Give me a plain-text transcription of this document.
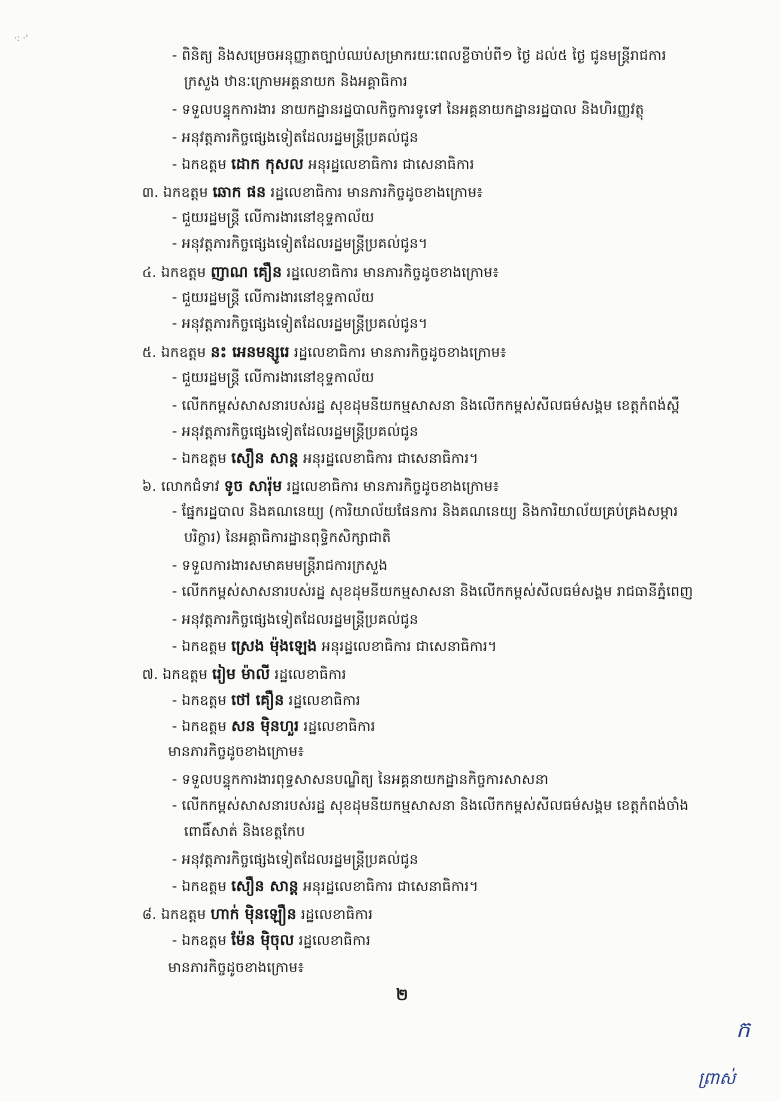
·: ·'
- ពិនិត្យ និងសម្រេចអនុញ្ញាតច្បាប់ឈប់សម្រាករយៈពេលខ្លីចាប់ពី១ ថ្ងៃ ដល់៥ ថ្ងៃ ជូនមន្ត្រីរាជការ
ក្រសួង ឋានៈក្រោមអគ្គនាយក និងអគ្គាធិការ
- ទទួលបន្ទុកការងារ នាយកដ្ឋានរដ្ឋបាលកិច្ចការទូទៅ នៃអគ្គនាយកដ្ឋានរដ្ឋបាល និងហិរញ្ញវត្ថុ
- អនុវត្តភារកិច្ចផ្សេងទៀតដែលរដ្ឋមន្ត្រីប្រគល់ជូន
- ឯកឧត្តម ដោក កុសល អនុរដ្ឋលេខាធិការ ជាសេនាធិការ
៣. ឯកឧត្តម ឆោក ផន រដ្ឋលេខាធិការ មានភារកិច្ចដូចខាងក្រោម៖
- ជួយរដ្ឋមន្ត្រី លើការងារនៅខុទ្ទកាល័យ
- អនុវត្តភារកិច្ចផ្សេងទៀតដែលរដ្ឋមន្ត្រីប្រគល់ជូន។
៤. ឯកឧត្តម ញាណ គឿន រដ្ឋលេខាធិការ មានភារកិច្ចដូចខាងក្រោម៖
- ជួយរដ្ឋមន្ត្រី លើការងារនៅខុទ្ទកាល័យ
- អនុវត្តភារកិច្ចផ្សេងទៀតដែលរដ្ឋមន្ត្រីប្រគល់ជូន។
៥. ឯកឧត្តម នះ អេនមន្សូរេ រដ្ឋលេខាធិការ មានភារកិច្ចដូចខាងក្រោម៖
- ជួយរដ្ឋមន្ត្រី លើការងារនៅខុទ្ទកាល័យ
- លើកកម្ពស់សាសនារបស់រដ្ឋ សុខដុមនីយកម្មសាសនា និងលើកកម្ពស់សីលធម៌សង្គម ខេត្តកំពង់ស្ពឺ
- អនុវត្តភារកិច្ចផ្សេងទៀតដែលរដ្ឋមន្ត្រីប្រគល់ជូន
- ឯកឧត្តម សឿន សាន្ត អនុរដ្ឋលេខាធិការ ជាសេនាធិការ។
៦. លោកជំទាវ ទូច សារ៉ុម រដ្ឋលេខាធិការ មានភារកិច្ចដូចខាងក្រោម៖
- ផ្នែករដ្ឋបាល និងគណនេយ្យ (ការិយាល័យផែនការ និងគណនេយ្យ និងការិយាល័យគ្រប់គ្រងសម្ភារ
បរិក្ខារ) នៃអគ្គាធិការដ្ឋានពុទ្ធិកសិក្សាជាតិ
- ទទួលការងារសមាគមមន្ត្រីរាជការក្រសួង
- លើកកម្ពស់សាសនារបស់រដ្ឋ សុខដុមនីយកម្មសាសនា និងលើកកម្ពស់សីលធម៌សង្គម រាជធានីភ្នំពេញ
- អនុវត្តភារកិច្ចផ្សេងទៀតដែលរដ្ឋមន្ត្រីប្រគល់ជូន
- ឯកឧត្តម ស្រេង ម៉ុងឡេង អនុរដ្ឋលេខាធិការ ជាសេនាធិការ។
៧. ឯកឧត្តម រៀម ម៉ាលី រដ្ឋលេខាធិការ
- ឯកឧត្តម ថៅ គឿន រដ្ឋលេខាធិការ
- ឯកឧត្តម សន ម៉ិនហួរ រដ្ឋលេខាធិការ
មានភារកិច្ចដូចខាងក្រោម៖
- ទទួលបន្ទុកការងារពុទ្ធសាសនបណ្ឌិត្យ នៃអគ្គនាយកដ្ឋានកិច្ចការសាសនា
- លើកកម្ពស់សាសនារបស់រដ្ឋ សុខដុមនីយកម្មសាសនា និងលើកកម្ពស់សីលធម៌សង្គម ខេត្តកំពង់ចាំង
ពោធិ៍សាត់ និងខេត្តកែប
- អនុវត្តភារកិច្ចផ្សេងទៀតដែលរដ្ឋមន្ត្រីប្រគល់ជូន
- ឯកឧត្តម សឿន សាន្ត អនុរដ្ឋលេខាធិការ ជាសេនាធិការ។
៨. ឯកឧត្តម ហាក់ ម៉ិនឡឿន រដ្ឋលេខាធិការ
- ឯកឧត្តម ម៉ែន ម៉ិចុល រដ្ឋលេខាធិការ
មានភារកិច្ចដូចខាងក្រោម៖
២
ក
ព្រាស់
